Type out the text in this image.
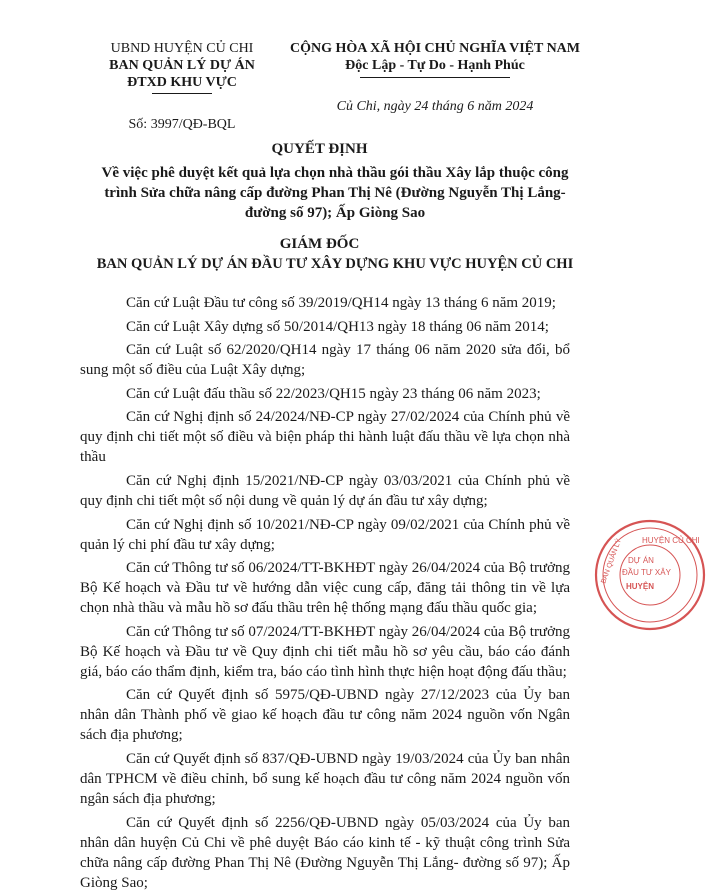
UBND HUYỆN CỦ CHI
BAN QUẢN LÝ DỰ ÁN
ĐTXD KHU VỰC
Số: 3997/QĐ-BQL
CỘNG HÒA XÃ HỘI CHỦ NGHĨA VIỆT NAM
Độc Lập - Tự Do - Hạnh Phúc
Củ Chi, ngày 24 tháng 6 năm 2024
QUYẾT ĐỊNH
Về việc phê duyệt kết quả lựa chọn nhà thầu gói thầu Xây lắp thuộc công
trình Sửa chữa nâng cấp đường Phan Thị Nê (Đường Nguyễn Thị Lắng-
đường số 97); Ấp Giòng Sao
GIÁM ĐỐC
BAN QUẢN LÝ DỰ ÁN ĐẦU TƯ XÂY DỰNG KHU VỰC HUYỆN CỦ CHI

Căn cứ Luật Đầu tư công số 39/2019/QH14 ngày 13 tháng 6 năm 2019;

Căn cứ Luật Xây dựng số 50/2014/QH13 ngày 18 tháng 06 năm 2014;

Căn cứ Luật số 62/2020/QH14 ngày 17 tháng 06 năm 2020 sửa đổi, bổ sung một số điều của Luật Xây dựng;

Căn cứ Luật đấu thầu số 22/2023/QH15 ngày 23 tháng 06 năm 2023;

Căn cứ Nghị định số 24/2024/NĐ-CP ngày 27/02/2024 của Chính phủ về quy định chi tiết một số điều và biện pháp thi hành luật đấu thầu về lựa chọn nhà thầu

Căn cứ Nghị định 15/2021/NĐ-CP ngày 03/03/2021 của Chính phủ về quy định chi tiết một số nội dung về quản lý dự án đầu tư xây dựng;

Căn cứ Nghị định số 10/2021/NĐ-CP ngày 09/02/2021 của Chính phủ về quản lý chi phí đầu tư xây dựng;

Căn cứ Thông tư số 06/2024/TT-BKHĐT ngày 26/04/2024 của Bộ trưởng Bộ Kế hoạch và Đầu tư về hướng dẫn việc cung cấp, đăng tải thông tin về lựa chọn nhà thầu và mẫu hồ sơ đấu thầu trên hệ thống mạng đấu thầu quốc gia;

Căn cứ Thông tư số 07/2024/TT-BKHĐT ngày 26/04/2024 của Bộ trưởng Bộ Kế hoạch và Đầu tư về Quy định chi tiết mẫu hồ sơ yêu cầu, báo cáo đánh giá, báo cáo thẩm định, kiểm tra, báo cáo tình hình thực hiện hoạt động đấu thầu;

Căn cứ Quyết định số 5975/QĐ-UBND ngày 27/12/2023 của Ủy ban nhân dân Thành phố về giao kế hoạch đầu tư công năm 2024 nguồn vốn Ngân sách địa phương;

Căn cứ Quyết định số 837/QĐ-UBND ngày 19/03/2024 của Ủy ban nhân dân TPHCM về điều chỉnh, bổ sung kế hoạch đầu tư công năm 2024 nguồn vốn ngân sách địa phương;

Căn cứ Quyết định số 2256/QĐ-UBND ngày 05/03/2024 của Ủy ban nhân dân huyện Củ Chi về phê duyệt Báo cáo kinh tế - kỹ thuật công trình Sửa chữa nâng cấp đường Phan Thị Nê (Đường Nguyễn Thị Lắng- đường số 97); Ấp Giòng Sao;

HUYỆN CỦ CHI
BAN QUẢN LÝ DỰ ÁN
ĐẦU TƯ XÂY
HUYỆN
